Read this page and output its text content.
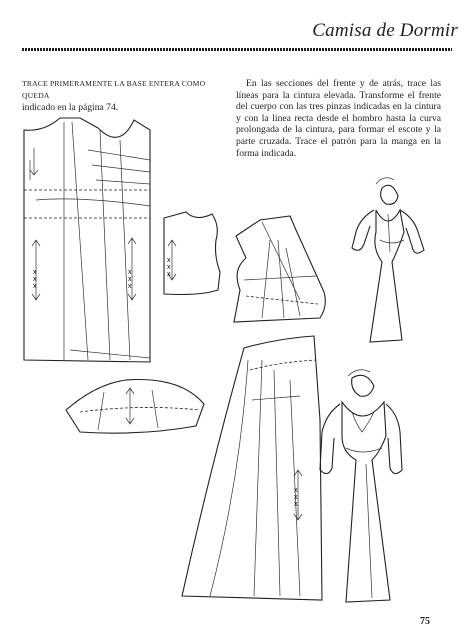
Camisa de Dormir
TRACE PRIMERAMENTE LA BASE ENTERA COMO QUEDA
indicado en la página 74.
En las secciones del frente y de atrás, trace las líneas para la cintura elevada. Transforme el frente del cuerpo con las tres pinzas indicadas en la cintura y con la línea recta desde el hombro hasta la curva prolongada de la cintura, para formar el escote y la parte cruzada. Trace el patrón para la manga en la forma indicada.
x
x
x
x
x
x
x
x
x
x
x
x
75
